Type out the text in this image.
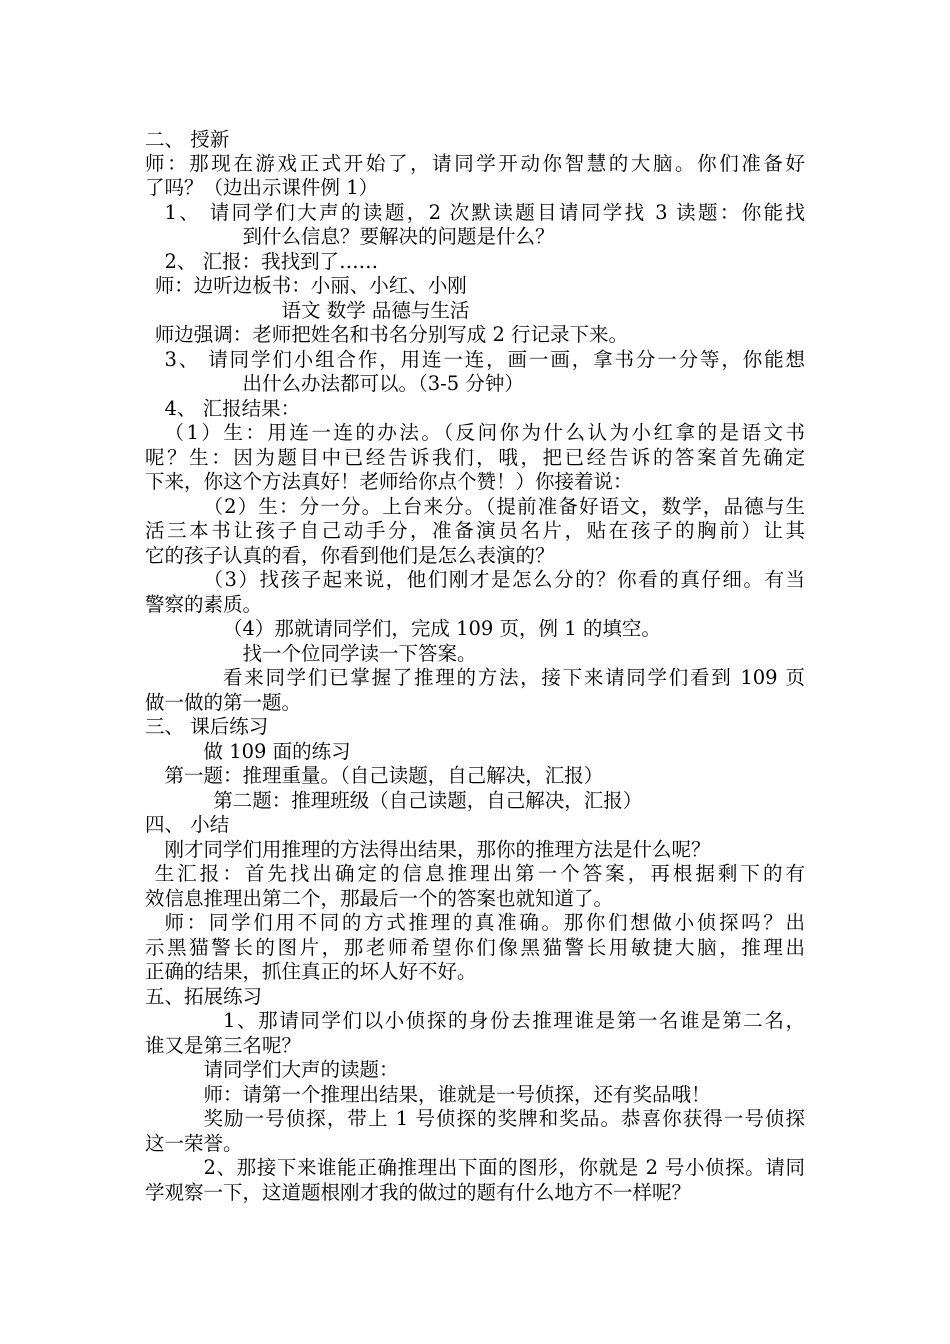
二、 授新
师：那现在游戏正式开始了，请同学开动你智慧的大脑。你们准备好
了吗？（边出示课件例 1）
1、 请同学们大声的读题，2 次默读题目请同学找 3 读题：你能找
到什么信息？要解决的问题是什么？
2、 汇报：我找到了……
师：边听边板书：小丽、小红、小刚
语文 数学 品德与生活
师边强调：老师把姓名和书名分别写成 2 行记录下来。
3、 请同学们小组合作，用连一连，画一画，拿书分一分等，你能想
出什么办法都可以。（3-5 分钟）
4、 汇报结果：
（1）生：用连一连的办法。（反问你为什么认为小红拿的是语文书
呢？生：因为题目中已经告诉我们，哦，把已经告诉的答案首先确定
下来，你这个方法真好！老师给你点个赞！）你接着说：
（2）生：分一分。上台来分。（提前准备好语文，数学，品德与生
活三本书让孩子自己动手分，准备演员名片，贴在孩子的胸前）让其
它的孩子认真的看，你看到他们是怎么表演的？
（3）找孩子起来说，他们刚才是怎么分的？你看的真仔细。有当
警察的素质。
（4）那就请同学们，完成 109 页，例 1 的填空。
找一个位同学读一下答案。
看来同学们已掌握了推理的方法，接下来请同学们看到 109 页
做一做的第一题。
三、 课后练习
做 109 面的练习
第一题：推理重量。（自己读题，自己解决，汇报）
第二题：推理班级（自己读题，自己解决，汇报）
四、 小结
刚才同学们用推理的方法得出结果，那你的推理方法是什么呢？
生汇报：首先找出确定的信息推理出第一个答案，再根据剩下的有
效信息推理出第二个，那最后一个的答案也就知道了。
师：同学们用不同的方式推理的真准确。那你们想做小侦探吗？出
示黑猫警长的图片，那老师希望你们像黑猫警长用敏捷大脑，推理出
正确的结果，抓住真正的坏人好不好。
五、拓展练习
1、那请同学们以小侦探的身份去推理谁是第一名谁是第二名，
谁又是第三名呢？
请同学们大声的读题：
师：请第一个推理出结果，谁就是一号侦探，还有奖品哦！
奖励一号侦探，带上 1 号侦探的奖牌和奖品。恭喜你获得一号侦探
这一荣誉。
2、那接下来谁能正确推理出下面的图形，你就是 2 号小侦探。请同
学观察一下，这道题根刚才我的做过的题有什么地方不一样呢？
